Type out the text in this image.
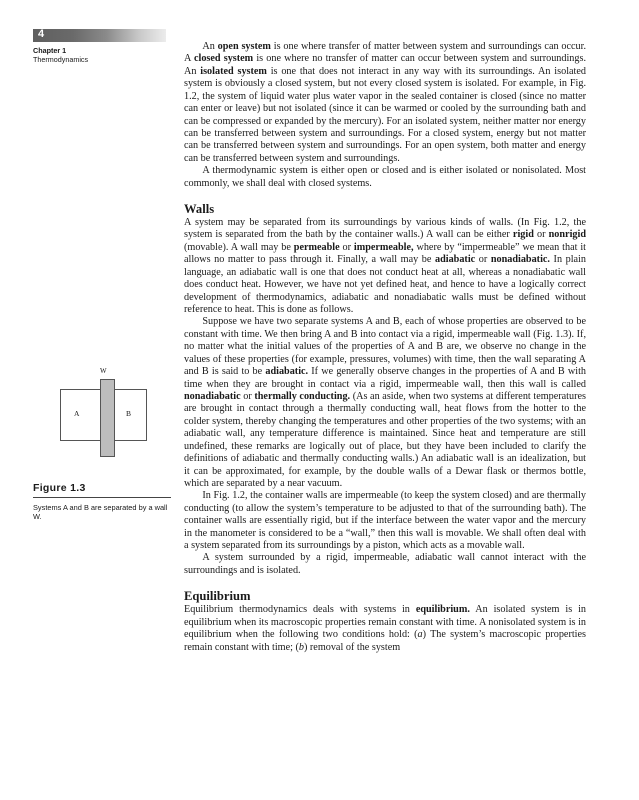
4
Chapter 1
Thermodynamics

An open system is one where transfer of matter between system and surroundings can occur. A closed system is one where no transfer of matter can occur between system and surroundings. An isolated system is one that does not interact in any way with its surroundings. An isolated system is obviously a closed system, but not every closed system is isolated. For example, in Fig. 1.2, the system of liquid water plus water vapor in the sealed container is closed (since no matter can enter or leave) but not isolated (since it can be warmed or cooled by the surrounding bath and can be compressed or expanded by the mercury). For an isolated system, neither matter nor energy can be transferred between system and surroundings. For a closed system, energy but not matter can be transferred between system and surroundings. For an open system, both matter and energy can be transferred between system and surroundings.

A thermodynamic system is either open or closed and is either isolated or nonisolated. Most commonly, we shall deal with closed systems.

Walls

A system may be separated from its surroundings by various kinds of walls. (In Fig. 1.2, the system is separated from the bath by the container walls.) A wall can be either rigid or nonrigid (movable). A wall may be permeable or impermeable, where by “impermeable” we mean that it allows no matter to pass through it. Finally, a wall may be adiabatic or nonadiabatic. In plain language, an adiabatic wall is one that does not conduct heat at all, whereas a nonadiabatic wall does conduct heat. However, we have not yet defined heat, and hence to have a logically correct development of thermodynamics, adiabatic and nonadiabatic walls must be defined without reference to heat. This is done as follows.

Suppose we have two separate systems A and B, each of whose properties are observed to be constant with time. We then bring A and B into contact via a rigid, impermeable wall (Fig. 1.3). If, no matter what the initial values of the properties of A and B are, we observe no change in the values of these properties (for example, pressures, volumes) with time, then the wall separating A and B is said to be adiabatic. If we generally observe changes in the properties of A and B with time when they are brought in contact via a rigid, impermeable wall, then this wall is called nonadiabatic or thermally conducting. (As an aside, when two systems at different temperatures are brought in contact through a thermally conducting wall, heat flows from the hotter to the colder system, thereby changing the temperatures and other properties of the two systems; with an adiabatic wall, any temperature difference is maintained. Since heat and temperature are still undefined, these remarks are logically out of place, but they have been included to clarify the definitions of adiabatic and thermally conducting walls.) An adiabatic wall is an idealization, but it can be approximated, for example, by the double walls of a Dewar flask or thermos bottle, which are separated by a near vacuum.

In Fig. 1.2, the container walls are impermeable (to keep the system closed) and are thermally conducting (to allow the system’s temperature to be adjusted to that of the surrounding bath). The container walls are essentially rigid, but if the interface between the water vapor and the mercury in the manometer is considered to be a “wall,” then this wall is movable. We shall often deal with a system separated from its surroundings by a piston, which acts as a movable wall.

A system surrounded by a rigid, impermeable, adiabatic wall cannot interact with the surroundings and is isolated.

Equilibrium

Equilibrium thermodynamics deals with systems in equilibrium. An isolated system is in equilibrium when its macroscopic properties remain constant with time. A nonisolated system is in equilibrium when the following two conditions hold: (a) The system’s macroscopic properties remain constant with time; (b) removal of the system

W
A	B
Figure 1.3
Systems A and B are separated by a wall W.
